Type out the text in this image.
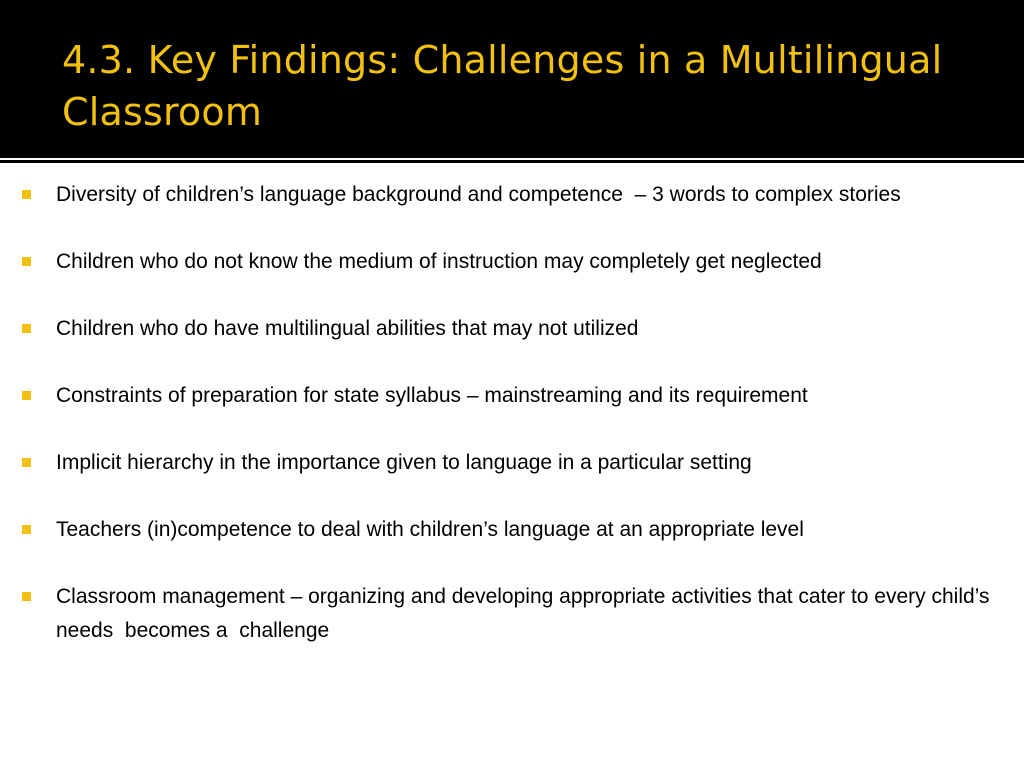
4.3. Key Findings: Challenges in a Multilingual Classroom
Diversity of children’s language background and competence  – 3 words to complex stories
Children who do not know the medium of instruction may completely get neglected
Children who do have multilingual abilities that may not utilized
Constraints of preparation for state syllabus – mainstreaming and its requirement
Implicit hierarchy in the importance given to language in a particular setting
Teachers (in)competence to deal with children’s language at an appropriate level
Classroom management – organizing and developing appropriate activities that cater to every child’s needs  becomes a  challenge
